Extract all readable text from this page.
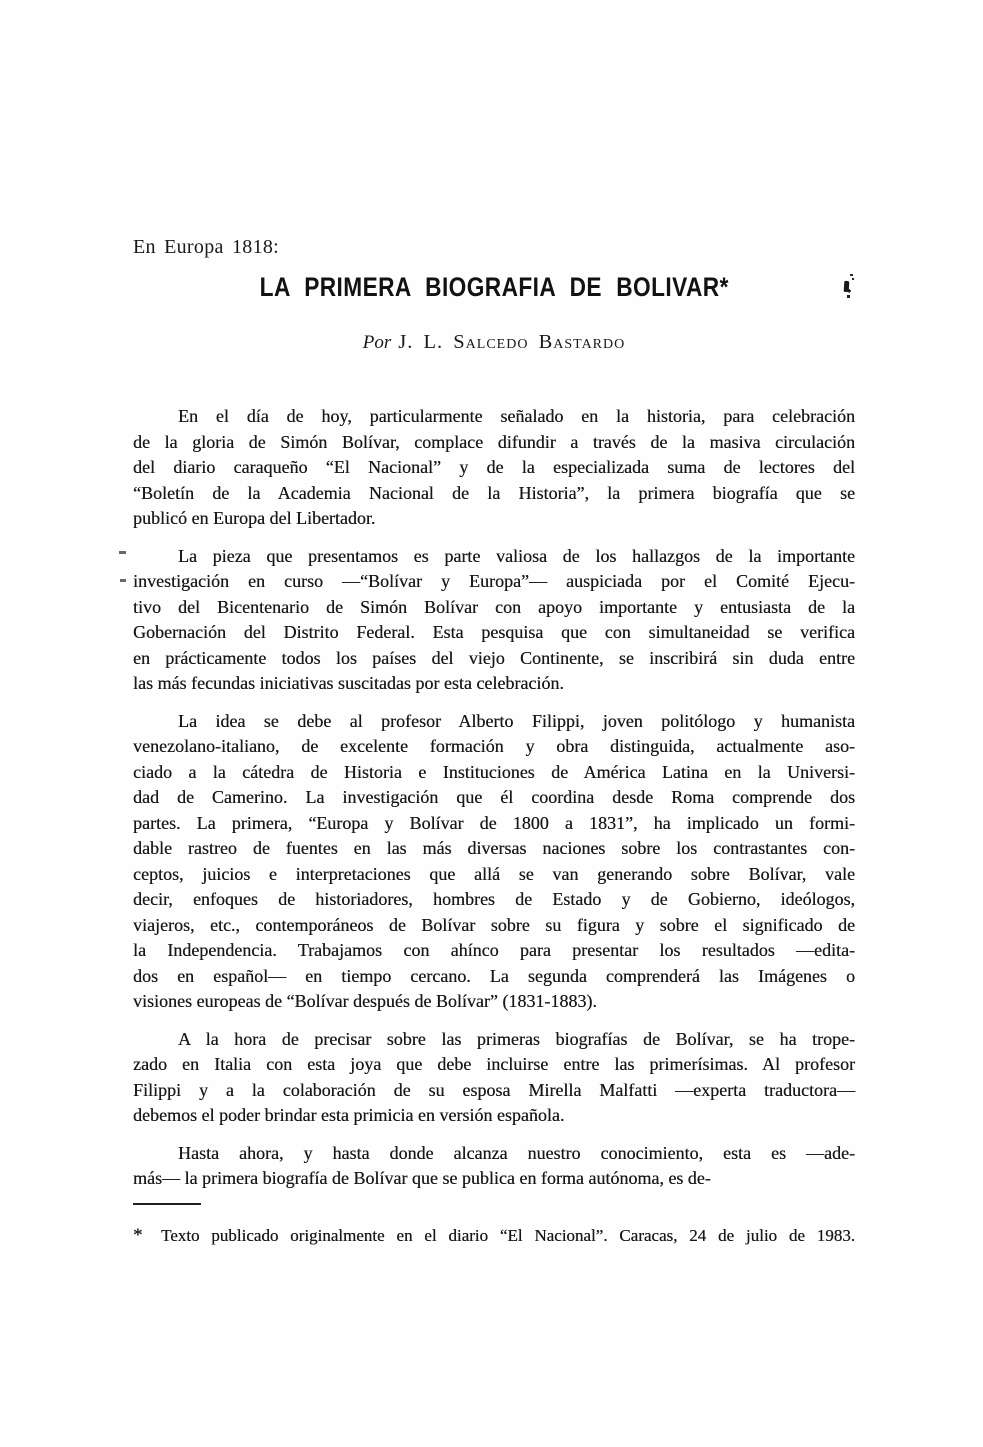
En Europa 1818:
LA PRIMERA BIOGRAFIA DE BOLIVAR*
Por J. L. Salcedo Bastardo

En el día de hoy, particularmente señalado en la historia, para celebración
de la gloria de Simón Bolívar, complace difundir a través de la masiva circulación
del diario caraqueño “El Nacional” y de la especializada suma de lectores del
“Boletín de la Academia Nacional de la Historia”, la primera biografía que se
publicó en Europa del Libertador.

La pieza que presentamos es parte valiosa de los hallazgos de la importante
investigación en curso —“Bolívar y Europa”— auspiciada por el Comité Ejecu-
tivo del Bicentenario de Simón Bolívar con apoyo importante y entusiasta de la
Gobernación del Distrito Federal. Esta pesquisa que con simultaneidad se verifica
en prácticamente todos los países del viejo Continente, se inscribirá sin duda entre
las más fecundas iniciativas suscitadas por esta celebración.

La idea se debe al profesor Alberto Filippi, joven politólogo y humanista
venezolano-italiano, de excelente formación y obra distinguida, actualmente aso-
ciado a la cátedra de Historia e Instituciones de América Latina en la Universi-
dad de Camerino. La investigación que él coordina desde Roma comprende dos
partes. La primera, “Europa y Bolívar de 1800 a 1831”, ha implicado un formi-
dable rastreo de fuentes en las más diversas naciones sobre los contrastantes con-
ceptos, juicios e interpretaciones que allá se van generando sobre Bolívar, vale
decir, enfoques de historiadores, hombres de Estado y de Gobierno, ideólogos,
viajeros, etc., contemporáneos de Bolívar sobre su figura y sobre el significado de
la Independencia. Trabajamos con ahínco para presentar los resultados —edita-
dos en español— en tiempo cercano. La segunda comprenderá las Imágenes o
visiones europeas de “Bolívar después de Bolívar” (1831-1883).

A la hora de precisar sobre las primeras biografías de Bolívar, se ha trope-
zado en Italia con esta joya que debe incluirse entre las primerísimas. Al profesor
Filippi y a la colaboración de su esposa Mirella Malfatti —experta traductora—
debemos el poder brindar esta primicia en versión española.

Hasta ahora, y hasta donde alcanza nuestro conocimiento, esta es —ade-
más— la primera biografía de Bolívar que se publica en forma autónoma, es de-

*	Texto publicado originalmente en el diario “El Nacional”. Caracas, 24 de julio de 1983.
